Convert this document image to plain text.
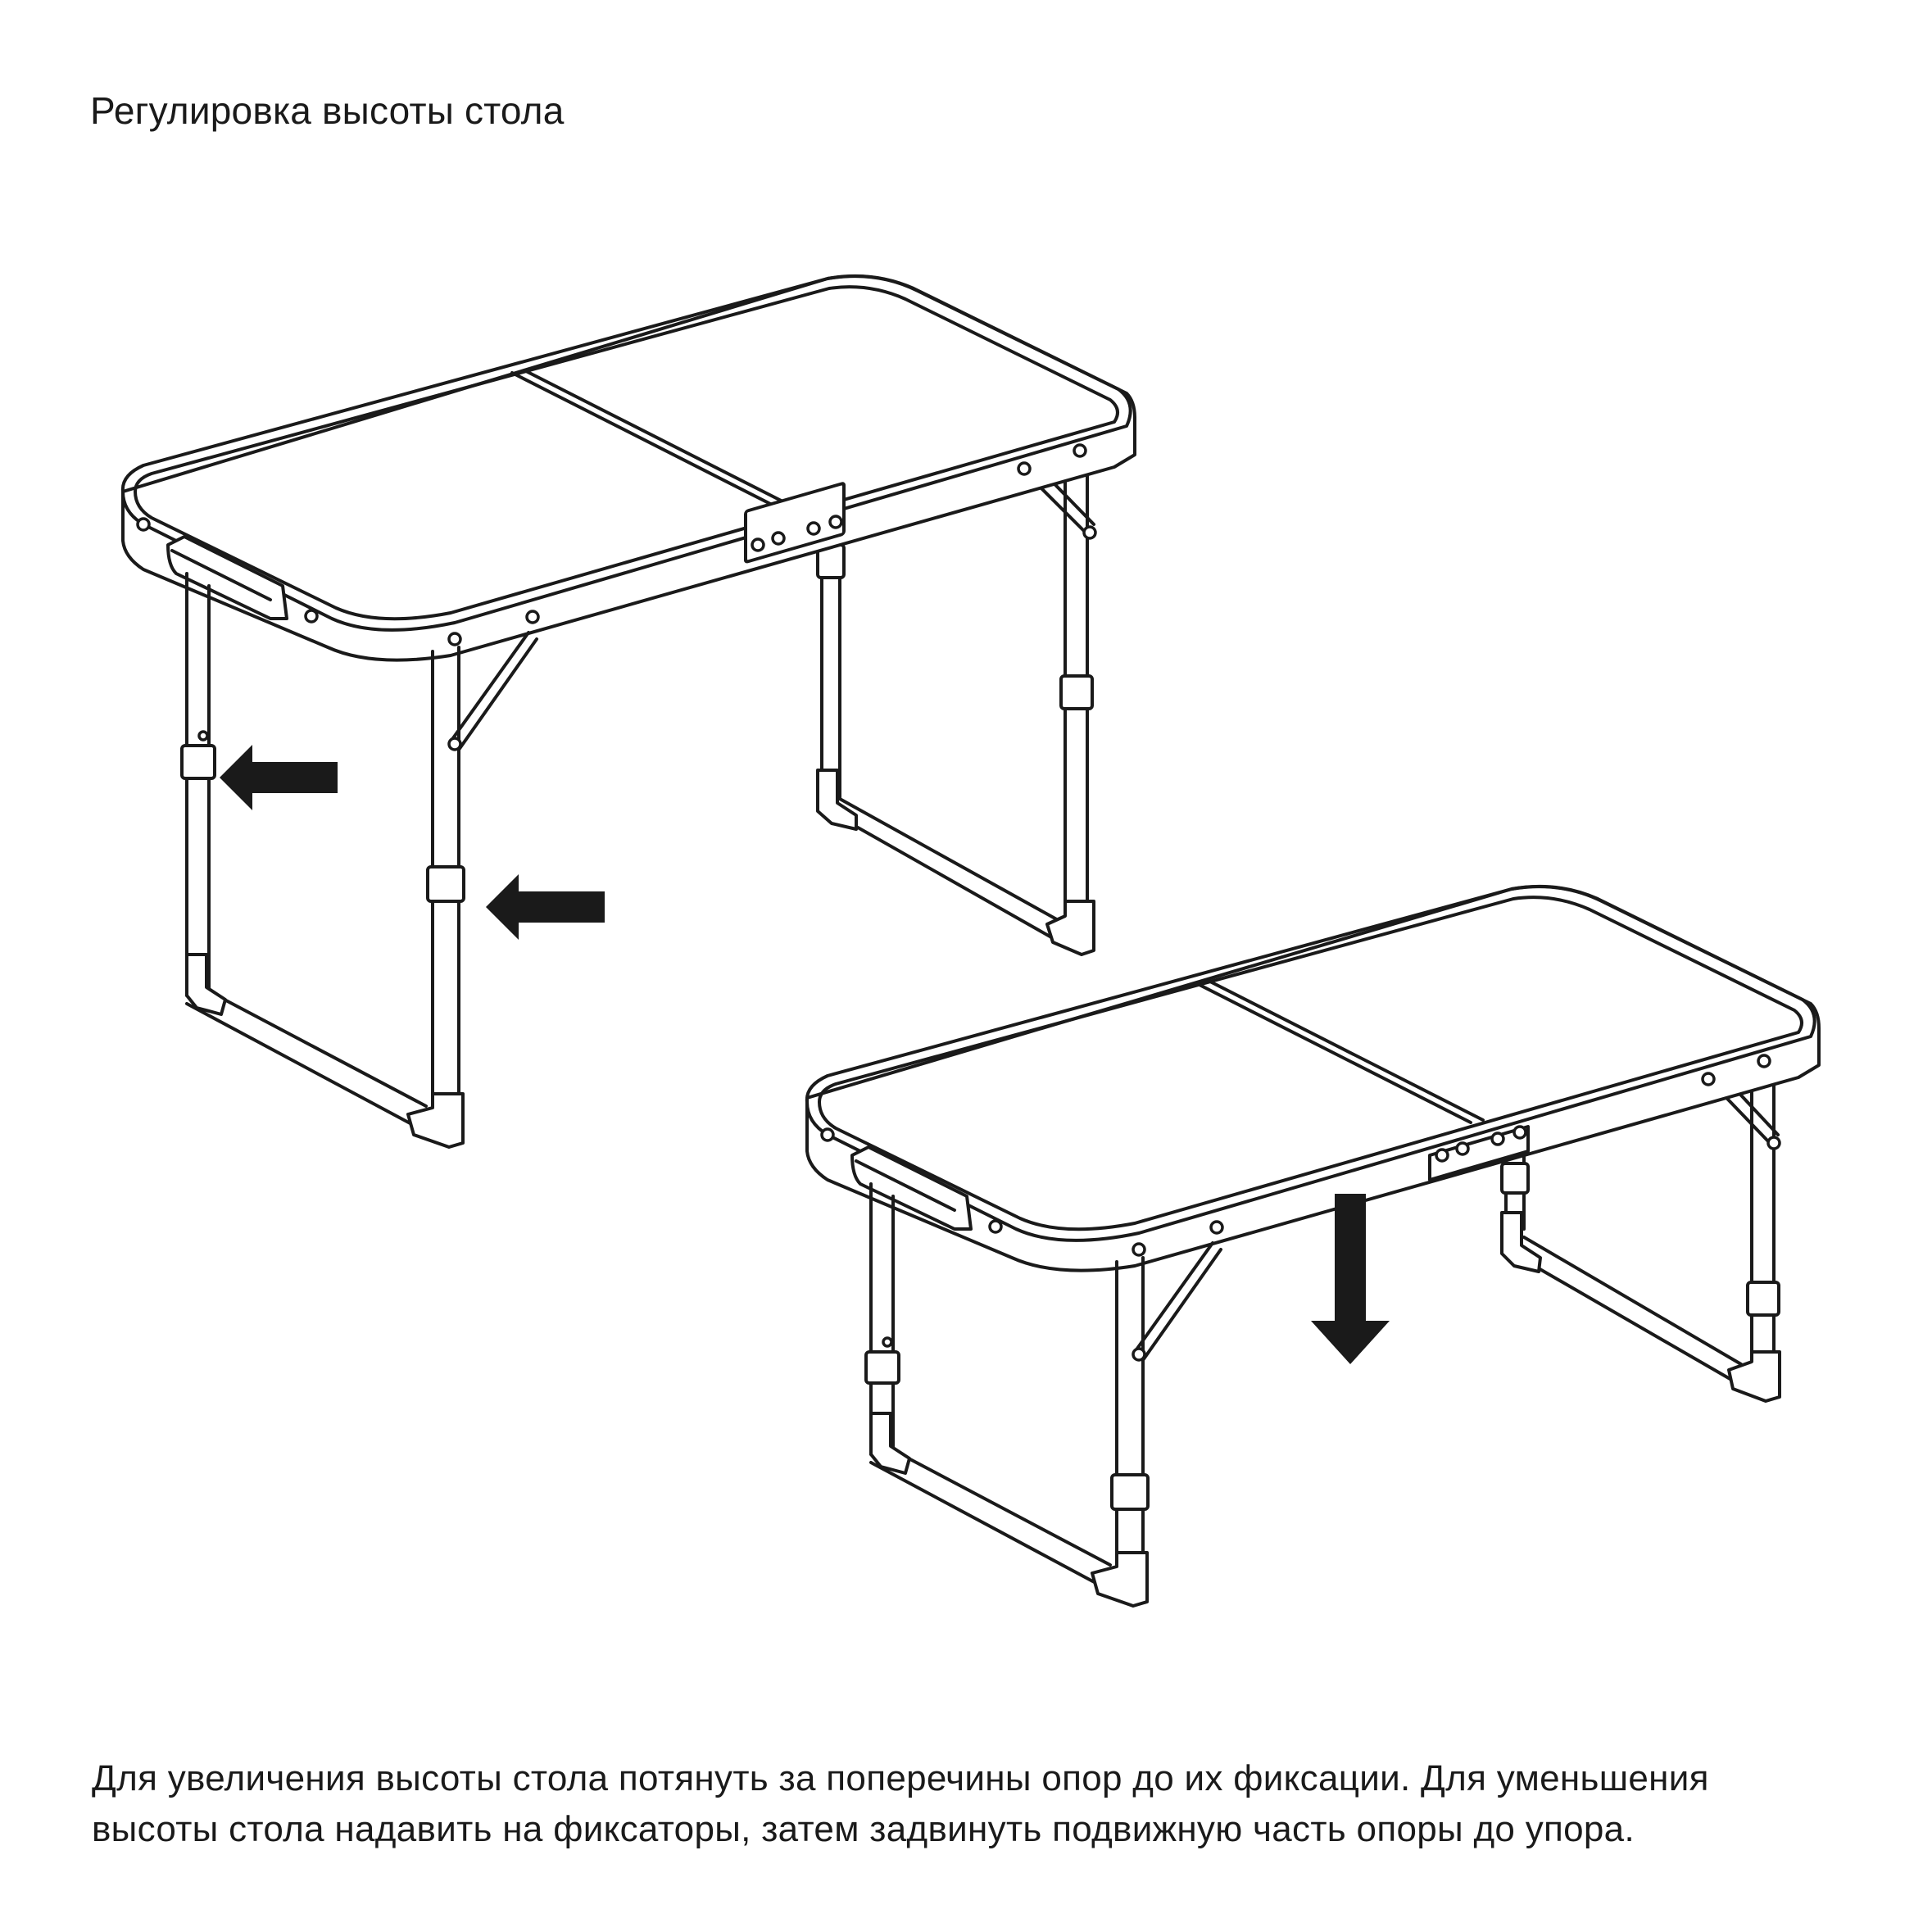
Регулировка высоты стола
Для увеличения высоты стола потянуть за поперечины опор до их фиксации. Для уменьшения
высоты стола надавить на фиксаторы, затем задвинуть подвижную часть опоры до упора.
